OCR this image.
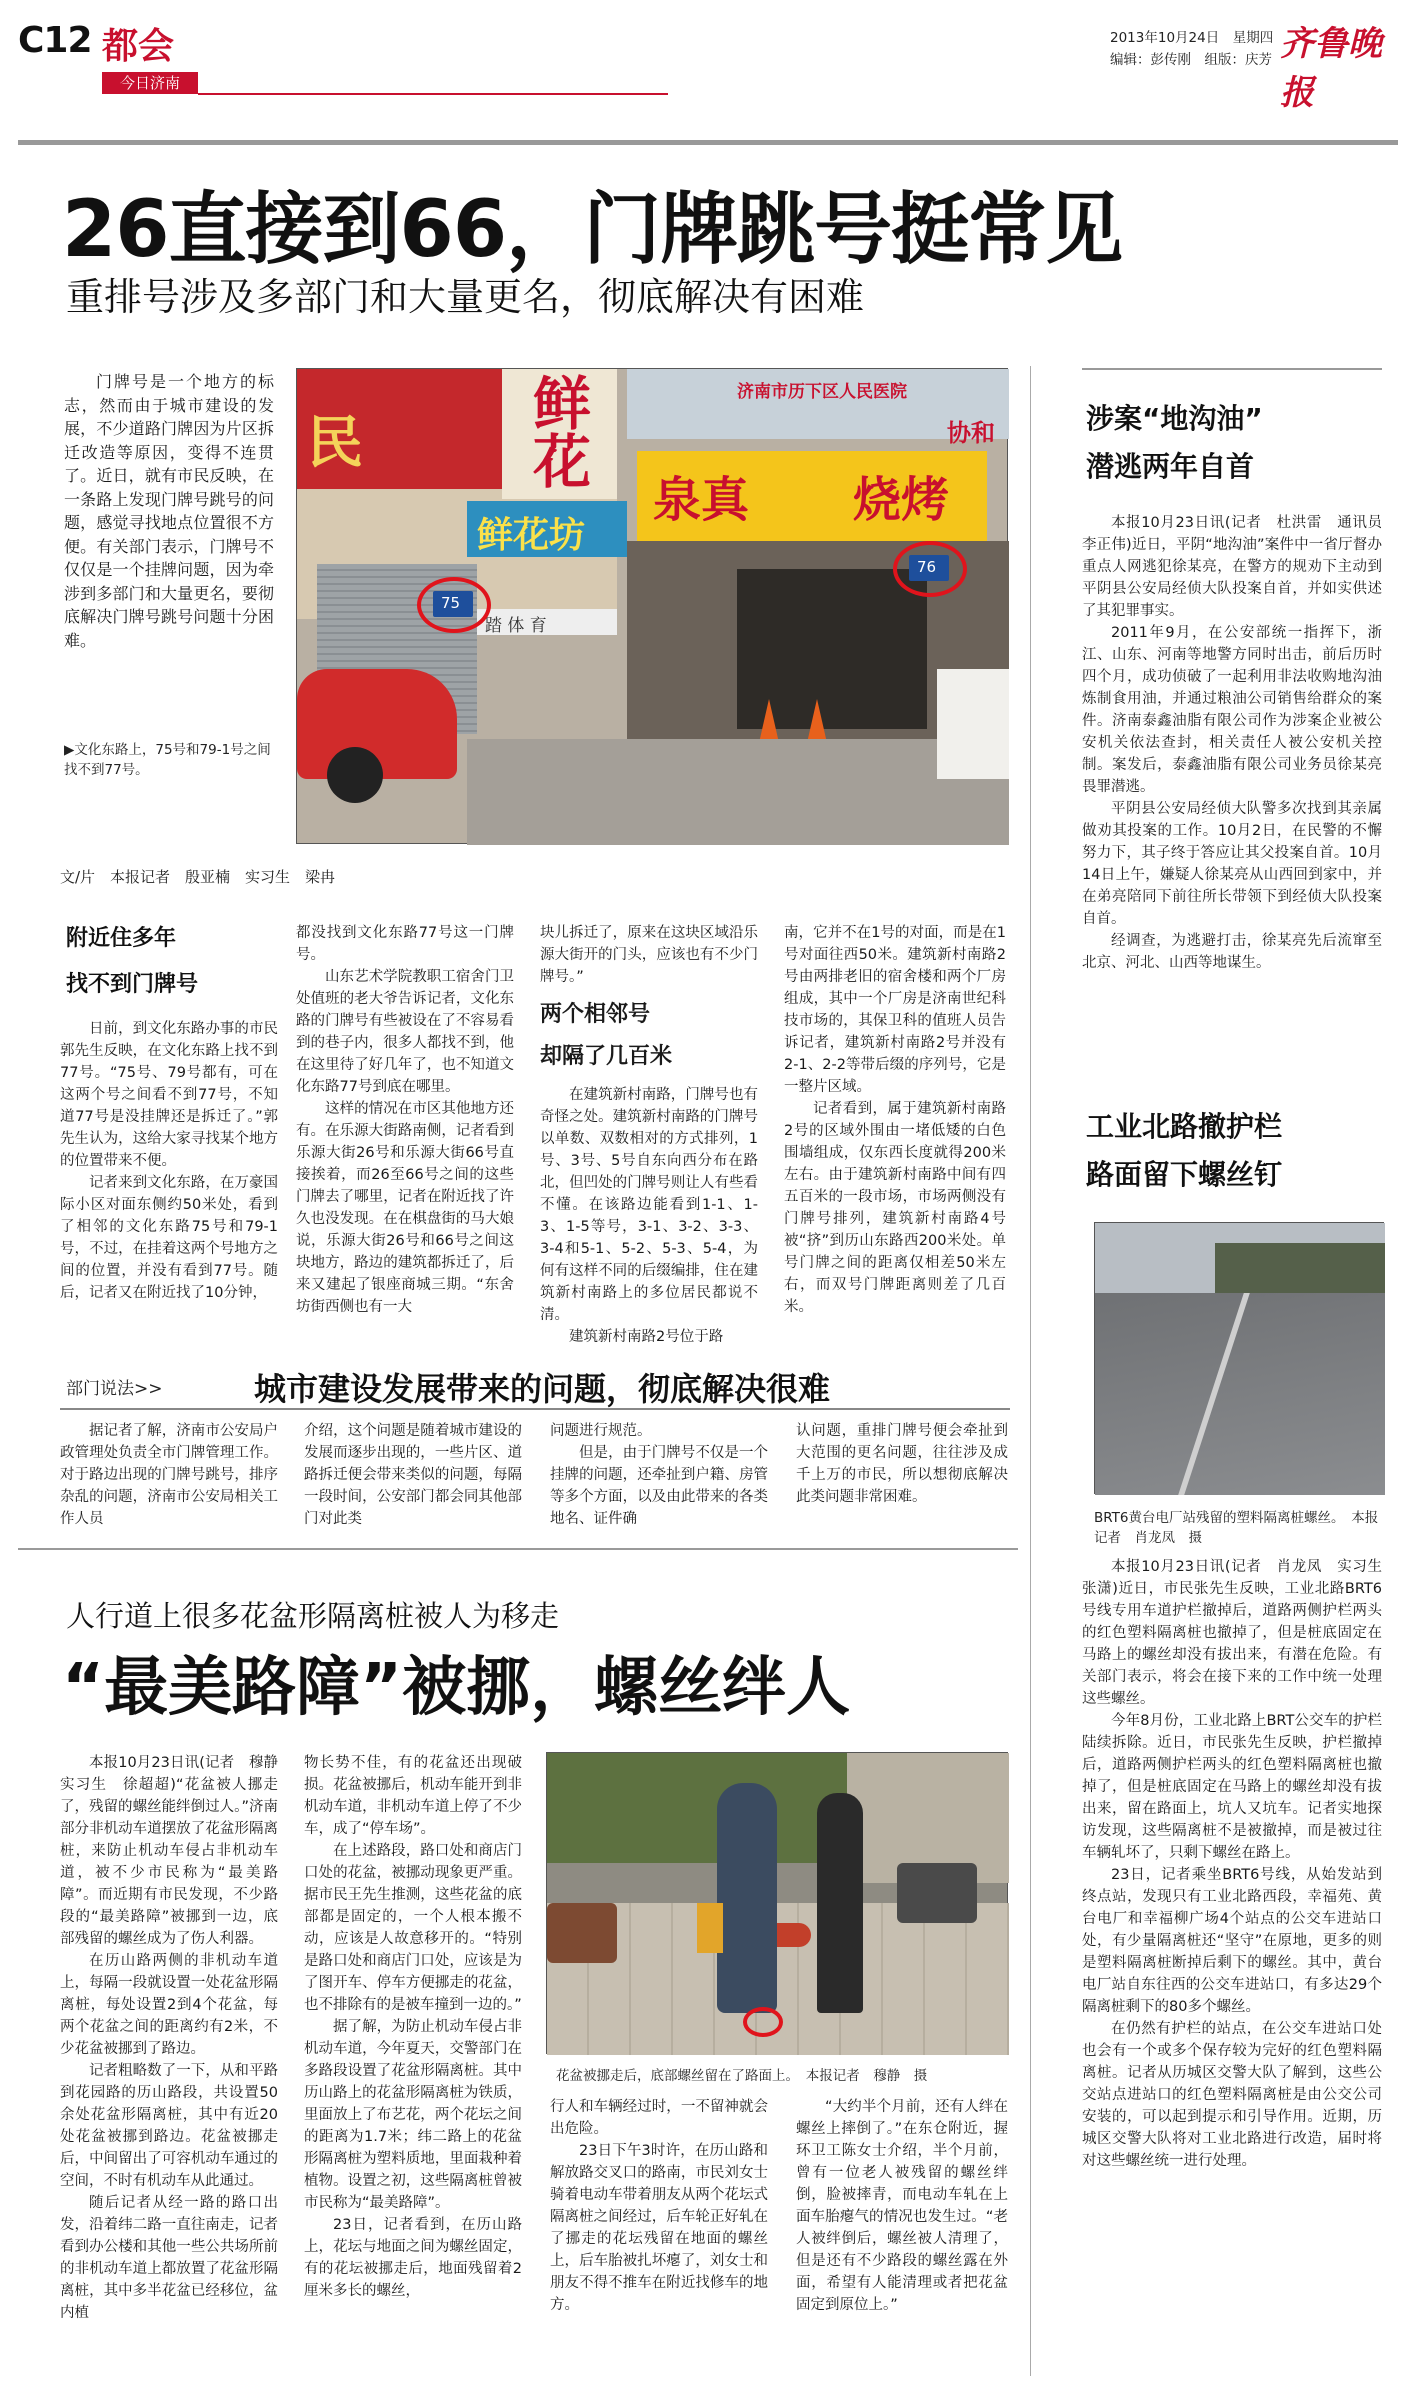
C12 都会
今日济南
2013年10月24日　星期四
编辑：彭传刚　组版：庆芳 齐鲁晚报
26直接到66，门牌跳号挺常见
重排号涉及多部门和大量更名，彻底解决有困难

门牌号是一个地方的标志，然而由于城市建设的发展，不少道路门牌因为片区拆迁改造等原因，变得不连贯了。近日，就有市民反映，在一条路上发现门牌号跳号的问题，感觉寻找地点位置很不方便。有关部门表示，门牌号不仅仅是一个挂牌问题，因为牵涉到多部门和大量更名，要彻底解决门牌号跳号问题十分困难。

▶文化东路上，75号和79-1号之间找不到77号。
民	鲜花
鲜花坊
踏 体 育
75
济南市历下区人民医院
协和
泉真 烧烤
76
文/片　本报记者　殷亚楠　实习生　梁冉
附近住多年
找不到门牌号

日前，到文化东路办事的市民郭先生反映，在文化东路上找不到77号。“75号、79号都有，可在这两个号之间看不到77号，不知道77号是没挂牌还是拆迁了。”郭先生认为，这给大家寻找某个地方的位置带来不便。

记者来到文化东路，在万豪国际小区对面东侧约50米处，看到了相邻的文化东路75号和79-1号，不过，在挂着这两个号地方之间的位置，并没有看到77号。随后，记者又在附近找了10分钟，

都没找到文化东路77号这一门牌号。

山东艺术学院教职工宿舍门卫处值班的老大爷告诉记者，文化东路的门牌号有些被设在了不容易看到的巷子内，很多人都找不到，他在这里待了好几年了，也不知道文化东路77号到底在哪里。

这样的情况在市区其他地方还有。在乐源大街路南侧，记者看到乐源大街26号和乐源大街66号直接挨着，而26至66号之间的这些门牌去了哪里，记者在附近找了许久也没发现。在在棋盘街的马大娘说，乐源大街26号和66号之间这块地方，路边的建筑都拆迁了，后来又建起了银座商城三期。“东舍坊街西侧也有一大

块儿拆迁了，原来在这块区域沿乐源大街开的门头，应该也有不少门牌号。”

两个相邻号
却隔了几百米

在建筑新村南路，门牌号也有奇怪之处。建筑新村南路的门牌号以单数、双数相对的方式排列，1号、3号、5号自东向西分布在路北，但凹处的门牌号则让人有些看不懂。在该路边能看到1-1、1-3、1-5等号，3-1、3-2、3-3、3-4和5-1、5-2、5-3、5-4，为何有这样不同的后缀编排，住在建筑新村南路上的多位居民都说不清。

建筑新村南路2号位于路

南，它并不在1号的对面，而是在1号对面往西50米。建筑新村南路2号由两排老旧的宿舍楼和两个厂房组成，其中一个厂房是济南世纪科技市场的，其保卫科的值班人员告诉记者，建筑新村南路2号并没有2-1、2-2等带后缀的序列号，它是一整片区域。

记者看到，属于建筑新村南路2号的区域外围由一堵低矮的白色围墙组成，仅东西长度就得200米左右。由于建筑新村南路中间有四五百米的一段市场，市场两侧没有门牌号排列，建筑新村南路4号被“挤”到历山东路西200米处。单号门牌之间的距离仅相差50米左右，而双号门牌距离则差了几百米。

部门说法>>	城市建设发展带来的问题，彻底解决很难

据记者了解，济南市公安局户政管理处负责全市门牌管理工作。对于路边出现的门牌号跳号，排序杂乱的问题，济南市公安局相关工作人员

介绍，这个问题是随着城市建设的发展而逐步出现的，一些片区、道路拆迁便会带来类似的问题，每隔一段时间，公安部门都会同其他部门对此类

问题进行规范。

但是，由于门牌号不仅是一个挂牌的问题，还牵扯到户籍、房管等多个方面，以及由此带来的各类地名、证件确

认问题，重排门牌号便会牵扯到大范围的更名问题，往往涉及成千上万的市民，所以想彻底解决此类问题非常困难。

人行道上很多花盆形隔离桩被人为移走
“最美路障”被挪，螺丝绊人

本报10月23日讯(记者　穆静　实习生　徐超超)“花盆被人挪走了，残留的螺丝能绊倒过人。”济南部分非机动车道摆放了花盆形隔离桩，来防止机动车侵占非机动车道，被不少市民称为“最美路障”。而近期有市民发现，不少路段的“最美路障”被挪到一边，底部残留的螺丝成为了伤人利器。

在历山路两侧的非机动车道上，每隔一段就设置一处花盆形隔离桩，每处设置2到4个花盆，每两个花盆之间的距离约有2米，不少花盆被挪到了路边。

记者粗略数了一下，从和平路到花园路的历山路段，共设置50余处花盆形隔离桩，其中有近20处花盆被挪到路边。花盆被挪走后，中间留出了可容机动车通过的空间，不时有机动车从此通过。

随后记者从经一路的路口出发，沿着纬二路一直往南走，记者看到办公楼和其他一些公共场所前的非机动车道上都放置了花盆形隔离桩，其中多半花盆已经移位，盆内植

物长势不佳，有的花盆还出现破损。花盆被挪后，机动车能开到非机动车道，非机动车道上停了不少车，成了“停车场”。

在上述路段，路口处和商店门口处的花盆，被挪动现象更严重。据市民王先生推测，这些花盆的底部都是固定的，一个人根本搬不动，应该是人故意移开的。“特别是路口处和商店门口处，应该是为了图开车、停车方便挪走的花盆，也不排除有的是被车撞到一边的。”

据了解，为防止机动车侵占非机动车道，今年夏天，交警部门在多路段设置了花盆形隔离桩。其中历山路上的花盆形隔离桩为铁质，里面放上了布艺花，两个花坛之间的距离为1.7米；纬二路上的花盆形隔离桩为塑料质地，里面栽种着植物。设置之初，这些隔离桩曾被市民称为“最美路障”。

23日，记者看到，在历山路上，花坛与地面之间为螺丝固定，有的花坛被挪走后，地面残留着2厘米多长的螺丝，

花盆被挪走后，底部螺丝留在了路面上。　本报记者　穆静　摄

行人和车辆经过时，一不留神就会出危险。

23日下午3时许，在历山路和解放路交叉口的路南，市民刘女士骑着电动车带着朋友从两个花坛式隔离桩之间经过，后车轮正好轧在了挪走的花坛残留在地面的螺丝上，后车胎被扎坏瘪了，刘女士和朋友不得不推车在附近找修车的地方。

“大约半个月前，还有人绊在螺丝上摔倒了。”在东仓附近，握环卫工陈女士介绍，半个月前，曾有一位老人被残留的螺丝绊倒，脸被摔青，而电动车轧在上面车胎瘪气的情况也发生过。“老人被绊倒后，螺丝被人清理了，但是还有不少路段的螺丝露在外面，希望有人能清理或者把花盆固定到原位上。”

涉案“地沟油”
潜逃两年自首

本报10月23日讯(记者　杜洪雷　通讯员　李正伟)近日，平阴“地沟油”案件中一省厅督办重点人网逃犯徐某亮，在警方的规劝下主动到平阴县公安局经侦大队投案自首，并如实供述了其犯罪事实。

2011年9月，在公安部统一指挥下，浙江、山东、河南等地警方同时出击，前后历时四个月，成功侦破了一起利用非法收购地沟油炼制食用油，并通过粮油公司销售给群众的案件。济南泰鑫油脂有限公司作为涉案企业被公安机关依法查封，相关责任人被公安机关控制。案发后，泰鑫油脂有限公司业务员徐某亮畏罪潜逃。

平阴县公安局经侦大队警多次找到其亲属做劝其投案的工作。10月2日，在民警的不懈努力下，其子终于答应让其父投案自首。10月14日上午，嫌疑人徐某亮从山西回到家中，并在弟亮陪同下前往所长带领下到经侦大队投案自首。

经调查，为逃避打击，徐某亮先后流窜至北京、河北、山西等地谋生。

工业北路撤护栏
路面留下螺丝钉
BRT6黄台电厂站残留的塑料隔离桩螺丝。　本报记者　肖龙凤　摄

本报10月23日讯(记者　肖龙凤　实习生　张潇)近日，市民张先生反映，工业北路BRT6号线专用车道护栏撤掉后，道路两侧护栏两头的红色塑料隔离桩也撤掉了，但是桩底固定在马路上的螺丝却没有拔出来，有潜在危险。有关部门表示，将会在接下来的工作中统一处理这些螺丝。

今年8月份，工业北路上BRT公交车的护栏陆续拆除。近日，市民张先生反映，护栏撤掉后，道路两侧护栏两头的红色塑料隔离桩也撤掉了，但是桩底固定在马路上的螺丝却没有拔出来，留在路面上，坑人又坑车。记者实地探访发现，这些隔离桩不是被撤掉，而是被过往车辆轧坏了，只剩下螺丝在路上。

23日，记者乘坐BRT6号线，从始发站到终点站，发现只有工业北路西段，幸福苑、黄台电厂和幸福柳广场4个站点的公交车进站口处，有少量隔离桩还“坚守”在原地，更多的则是塑料隔离桩断掉后剩下的螺丝。其中，黄台电厂站自东往西的公交车进站口，有多达29个隔离桩剩下的80多个螺丝。

在仍然有护栏的站点，在公交车进站口处也会有一个或多个保存较为完好的红色塑料隔离桩。记者从历城区交警大队了解到，这些公交站点进站口的红色塑料隔离桩是由公交公司安装的，可以起到提示和引导作用。近期，历城区交警大队将对工业北路进行改造，届时将对这些螺丝统一进行处理。
